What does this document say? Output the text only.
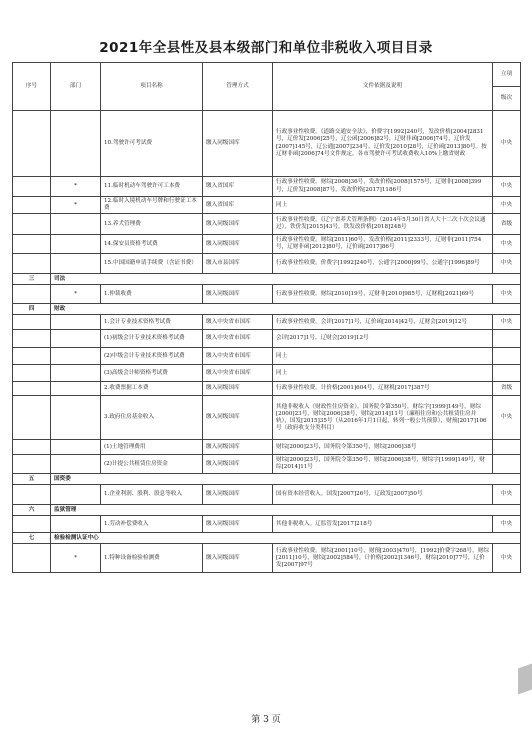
2021年全县性及县本级部门和单位非税收入项目目录
序号	部门	项目名称	管理方式	文件依据及说明	立项
					级次
		10.驾驶许可考试费	缴入同级国库	行政事业性收费。《道路交通安全法》，价费字[1992]240号，发改价格[2004]2831号，辽价发[2006]25号，辽公函[2006]82号，辽财非函[2006]74号，辽价发[2007]145号，辽公通[2007]234号，辽价发[2010]28号，辽价函[2013]80号。按辽财非函[2006]74号文件规定，各市驾驶许可考试收费收入10%上缴省财政	中央
	*	11.临时机动车驾驶许可工本费	缴入省国库	行政事业性收费。财综[2008]36号，发改价格[2008]1575号，辽财非[2008]399号，辽价发[2008]87号，发改价格[2017]1186号	中央
	*	12.临时入境机动车号牌和行驶证工本费	缴入省国库	同上	中央
		13.养犬管理费	缴入同级国库	行政事业性收费。《辽宁省养犬管理条例》（2014年5月30日省人大十二次十次会议通过），铁价发[2015]43号，铁发改价格[2018]248号	省级
		14.保安员资格考试费	缴入同级国库	行政事业性收费。财综[2011]60号，发改价格[2011]2333号，辽财非[2011]754号，辽财非函[2012]80号，辽价函[2017]86号	中央
		15.中国国籍申请手续费（含证书费）	缴入市县国库	行政事业性收费。价费字[1992]240号，公通字[2000]99号，公通字[1996]89号	中央
三	司法				
	*	1.仲裁收费	缴入同级国库	行政事业性收费。财综[2010]19号，辽财非[2010]985号，辽财税[2021]69号	中央
四	财政				
		1.会计专业技术资格考试费	缴入中央省市国库	行政事业性收费。会评[2017]1号，辽价函[2014]42号，辽财会[2019]12号	中央
		(1)初级会计专业技术资格考试费	缴入中央省市国库	会评[2017]1号，辽财会[2019]12号	
		(2)中级会计专业技术资格考试费	缴入中央省市国库	同上	
		(3)高级会计师资格考试费	缴入中央省市国库	同上	
		2.收费票据工本费	缴入同级国库	行政事业性收费。计价格[2001]604号，辽财税[2017]387号	省级
		3.政府住房基金收入	缴入同级国库	其他非税收入（财政性住房资金）。国务院令第350号，财综字[1999]149号，财综[2000]23号，财综[2006]38号，财综[2014]11号（廉租住房和公共租赁住房并轨），国发[2015]35号（从2016年1月1日起，转列一般公共预算），财预[2017]106号（政府收支分类科目）	中央
		(1)土地管理费用	缴入同级国库	财综[2000]23号，国务院令第350号，财综[2006]38号	
		(2)计提公共租赁住房资金	缴入同级国库	财综[2000]23号，国务院令第350号，财综[2006]38号，财综字[1999]149号，财综[2014]11号	
五	国资委				
		1.企业利润、股利、股息等收入	缴入同级国库	国有资本经营收入。国发[2007]26号，辽政发[2007]50号	中央
六	监狱管理				
		1.劳动补偿费收入	缴入同级国库	其他非税收入。辽监管发[2017]218号	中央
七	检验检测认证中心				
	*	1.特种设备检验检测费	缴入同级国库	行政事业性收费。财综[2001]10号，财预[2003]470号，[1992]价费字268号，财综[2011]10号，财综[2002]584号，计价格[2002]1346号，财综[2010]77号，辽价发[2007]97号	中央
第 3 页
